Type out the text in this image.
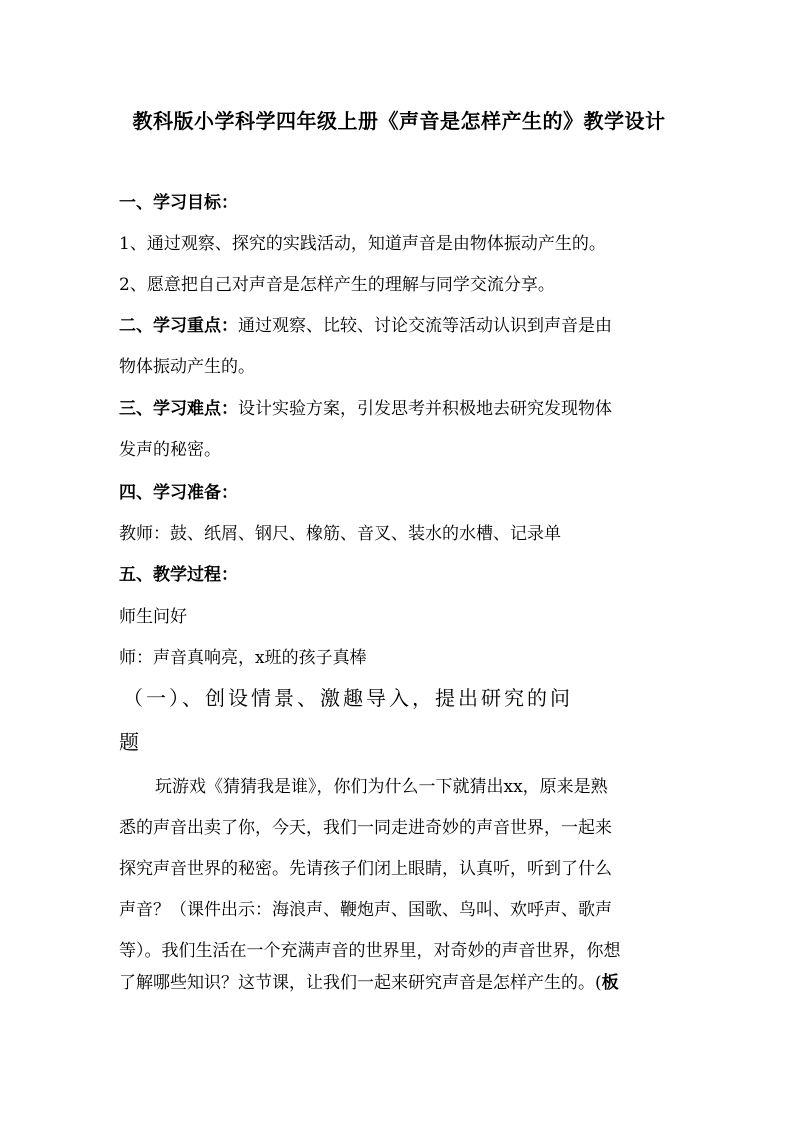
教科版小学科学四年级上册《声音是怎样产生的》教学设计
一、学习目标：
1、通过观察、探究的实践活动，知道声音是由物体振动产生的。
2、愿意把自己对声音是怎样产生的理解与同学交流分享。
二、学习重点：通过观察、比较、讨论交流等活动认识到声音是由
物体振动产生的。
三、学习难点：设计实验方案，引发思考并积极地去研究发现物体
发声的秘密。
四、学习准备：
教师：鼓、纸屑、钢尺、橡筋、音叉、装水的水槽、记录单
五、教学过程：
师生问好
师：声音真响亮，x班的孩子真棒
（一）、创设情景、激趣导入，提出研究的问
题
玩游戏《猜猜我是谁》，你们为什么一下就猜出xx，原来是熟
悉的声音出卖了你，今天，我们一同走进奇妙的声音世界，一起来
探究声音世界的秘密。先请孩子们闭上眼睛，认真听，听到了什么
声音？（课件出示：海浪声、鞭炮声、国歌、鸟叫、欢呼声、歌声
等）。我们生活在一个充满声音的世界里，对奇妙的声音世界，你想
了解哪些知识？这节课，让我们一起来研究声音是怎样产生的。(板
